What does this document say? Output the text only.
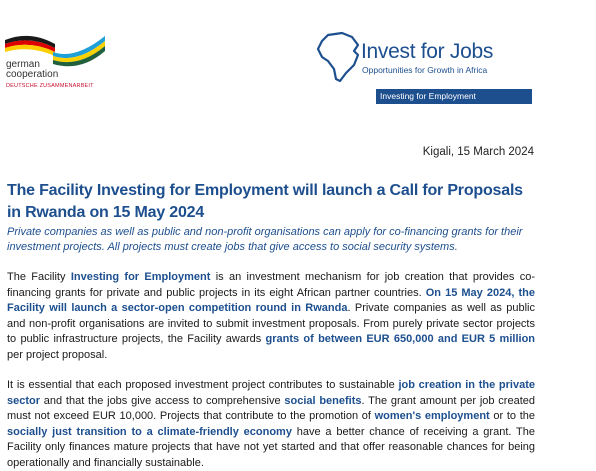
german
cooperation
DEUTSCHE ZUSAMMENARBEIT
Invest for Jobs
Opportunities for Growth in Africa
Investing for Employment
Kigali, 15 March 2024
The Facility Investing for Employment will launch a Call for Proposals in Rwanda on 15 May 2024

Private companies as well as public and non-profit organisations can apply for co-financing grants for their investment projects. All projects must create jobs that give access to social security systems.

The Facility Investing for Employment is an investment mechanism for job creation that provides co-financing grants for private and public projects in its eight African partner countries. On 15 May 2024, the Facility will launch a sector-open competition round in Rwanda. Private companies as well as public and non-profit organisations are invited to submit investment proposals. From purely private sector projects to public infrastructure projects, the Facility awards grants of between EUR 650,000 and EUR 5 million per project proposal.

It is essential that each proposed investment project contributes to sustainable job creation in the private sector and that the jobs give access to comprehensive social benefits. The grant amount per job created must not exceed EUR 10,000. Projects that contribute to the promotion of women's employment or to the socially just transition to a climate-friendly economy have a better chance of receiving a grant. The Facility only finances mature projects that have not yet started and that offer reasonable chances for being operationally and financially sustainable.
